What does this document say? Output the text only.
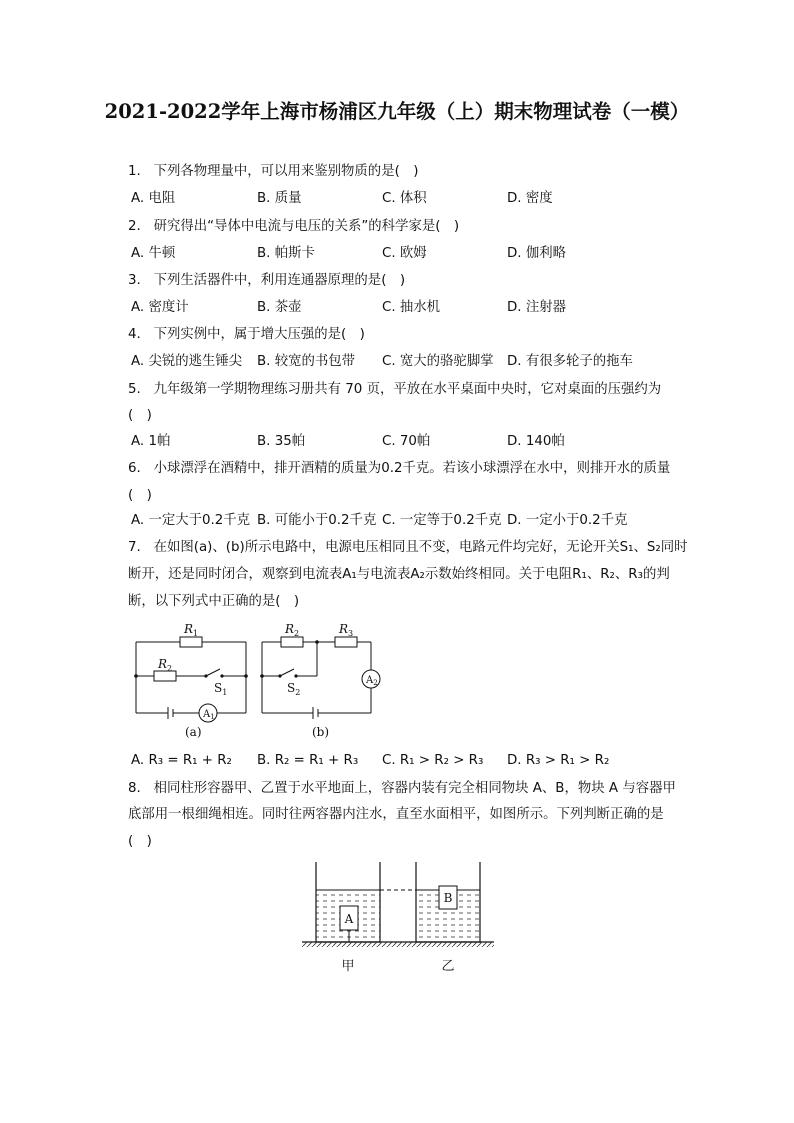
2021-2022学年上海市杨浦区九年级（上）期末物理试卷（一模）
1. 下列各物理量中，可以用来鉴别物质的是(　)
A. 电阻	B. 质量	C. 体积	D. 密度
2. 研究得出“导体中电流与电压的关系”的科学家是(　)
A. 牛顿	B. 帕斯卡	C. 欧姆	D. 伽利略
3. 下列生活器件中，利用连通器原理的是(　)
A. 密度计	B. 茶壶	C. 抽水机	D. 注射器
4. 下列实例中，属于增大压强的是(　)
A. 尖锐的逃生锤尖 B. 较宽的书包带 C. 宽大的骆驼脚掌 D. 有很多轮子的拖车
5. 九年级第一学期物理练习册共有 70 页，平放在水平桌面中央时，它对桌面的压强约为
(　)
A. 1帕	B. 35帕	C. 70帕	D. 140帕
6. 小球漂浮在酒精中，排开酒精的质量为0.2千克。若该小球漂浮在水中，则排开水的质量
(　)
A. 一定大于0.2千克 B. 可能小于0.2千克 C. 一定等于0.2千克 D. 一定小于0.2千克
7. 在如图(a)、(b)所示电路中，电源电压相同且不变，电路元件均完好，无论开关S₁、S₂同时
断开，还是同时闭合，观察到电流表A₁与电流表A₂示数始终相同。关于电阻R₁、R₂、R₃的判
断，以下列式中正确的是(　)
$R_1$
$R_2$
$S_1$
$A_1$
(a)
$R_2$	$R_3$
$S_2$
$A_2$
(b)
A. R₃ = R₁ + R₂ B. R₂ = R₁ + R₃ C. R₁ > R₂ > R₃ D. R₃ > R₁ > R₂
8. 相同柱形容器甲、乙置于水平地面上，容器内装有完全相同物块 A、B，物块 A 与容器甲
底部用一根细绳相连。同时往两容器内注水，直至水面相平，如图所示。下列判断正确的是
(　)
A
B
甲	乙
